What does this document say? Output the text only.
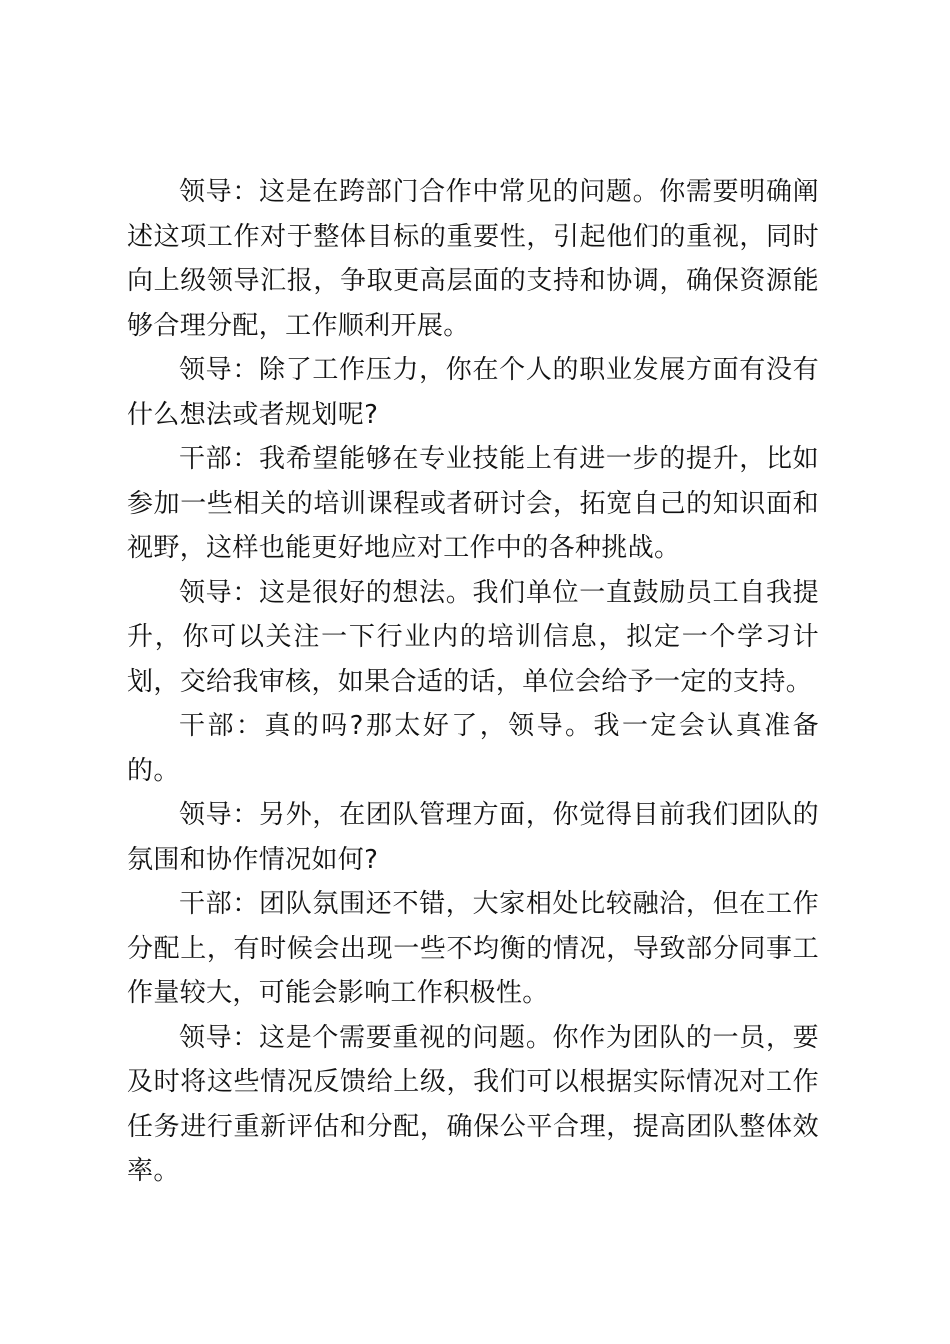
领导：这是在跨部门合作中常见的问题。你需要明确阐述这项工作对于整体目标的重要性，引起他们的重视，同时向上级领导汇报，争取更高层面的支持和协调，确保资源能够合理分配，工作顺利开展。

领导：除了工作压力，你在个人的职业发展方面有没有什么想法或者规划呢?

干部：我希望能够在专业技能上有进一步的提升，比如参加一些相关的培训课程或者研讨会，拓宽自己的知识面和视野，这样也能更好地应对工作中的各种挑战。

领导：这是很好的想法。我们单位一直鼓励员工自我提升，你可以关注一下行业内的培训信息，拟定一个学习计划，交给我审核，如果合适的话，单位会给予一定的支持。

干部：真的吗?那太好了，领导。我一定会认真准备的。

领导：另外，在团队管理方面，你觉得目前我们团队的氛围和协作情况如何?

干部：团队氛围还不错，大家相处比较融洽，但在工作分配上，有时候会出现一些不均衡的情况，导致部分同事工作量较大，可能会影响工作积极性。

领导：这是个需要重视的问题。你作为团队的一员，要及时将这些情况反馈给上级，我们可以根据实际情况对工作任务进行重新评估和分配，确保公平合理，提高团队整体效率。
